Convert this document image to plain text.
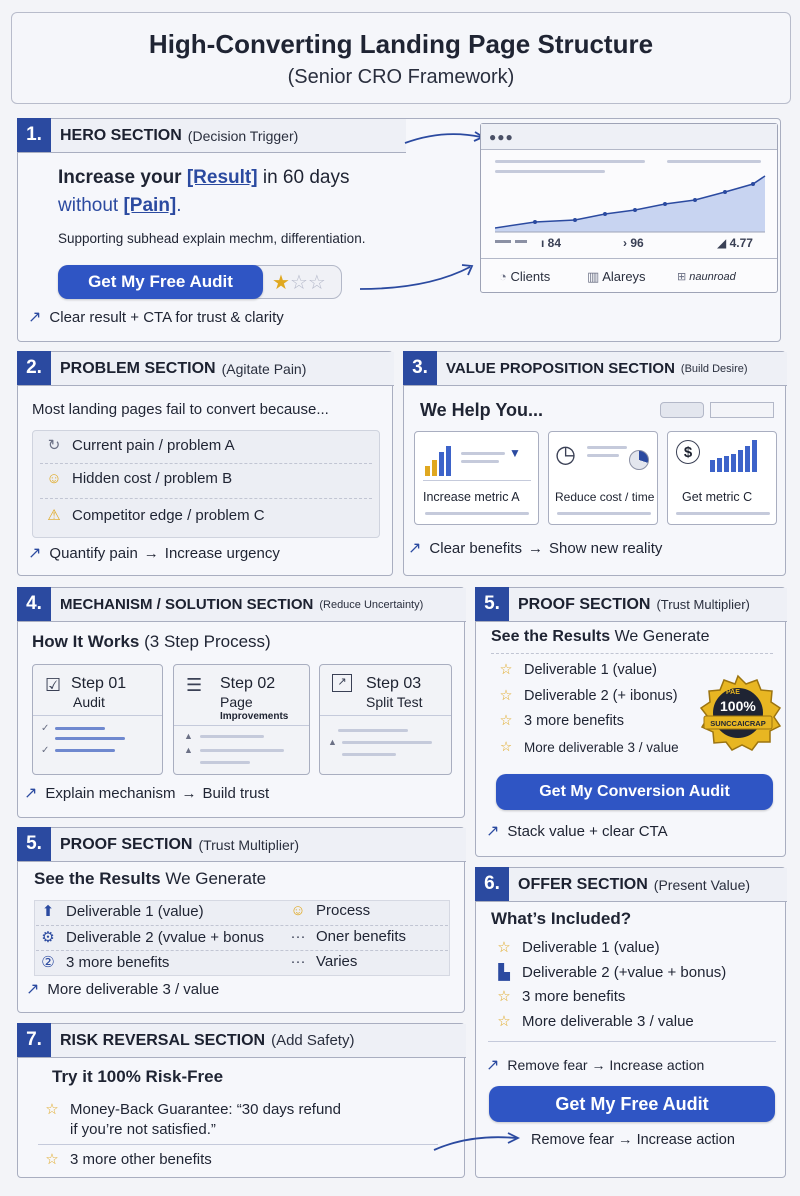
High-Converting Landing Page Structure
(Senior CRO Framework)
1.	HERO SECTION (Decision Trigger)
Increase your [Result] in 60 days
without [Pain].
Supporting subhead explain mechm, differentiation.
Get My Free Audit	★☆☆
↗ Clear result + CTA for trust & clarity
●●●
ı 84	› 96	◢ 4.77
◔ Clients	▥ Alareys	⊞ naunroad
2.	PROBLEM SECTION (Agitate Pain)
Most landing pages fail to convert because...
↻ Current pain / problem A
☺ Hidden cost / problem B
⚠ Competitor edge / problem C
↗ Quantify pain → Increase urgency
3.	VALUE PROPOSITION SECTION (Build Desire)
We Help You...
▼
Increase metric A
◷
Reduce cost / time
$
Get metric C
↗ Clear benefits → Show new reality
4.	MECHANISM / SOLUTION SECTION (Reduce Uncertainty)
How It Works (3 Step Process)
☑ Step 01
Audit
✓
✓
☰ Step 02
Page
Improvements
▲
▲
↗	Step 03
Split Test
▲
↗ Explain mechanism → Build trust
5.	PROOF SECTION (Trust Multiplier)
See the Results We Generate
☆ Deliverable 1 (value)
☆ Deliverable 2 (+ ibonus)
☆ 3 more benefits
☆ More deliverable 3 / value
PAE
100%
SUNCCAICRAP
Get My Conversion Audit
↗ Stack value + clear CTA
5.	PROOF SECTION (Trust Multiplier)
See the Results We Generate
⬆ Deliverable 1 (value)	☺ Process
⚙ Deliverable 2 (vvalue + bonus ··· Oner benefits
② 3 more benefits	··· Varies
↗ More deliverable 3 / value
6.	OFFER SECTION (Present Value)
What’s Included?
☆ Deliverable 1 (value)
▙ Deliverable 2 (+value + bonus)
☆ 3 more benefits
☆ More deliverable 3 / value
↗ Remove fear → Increase action
Get My Free Audit
Remove fear → Increase action
7.	RISK REVERSAL SECTION (Add Safety)
Try it 100% Risk-Free
☆ Money-Back Guarantee: “30 days refund
if you’re not satisfied.”
☆ 3 more other benefits
